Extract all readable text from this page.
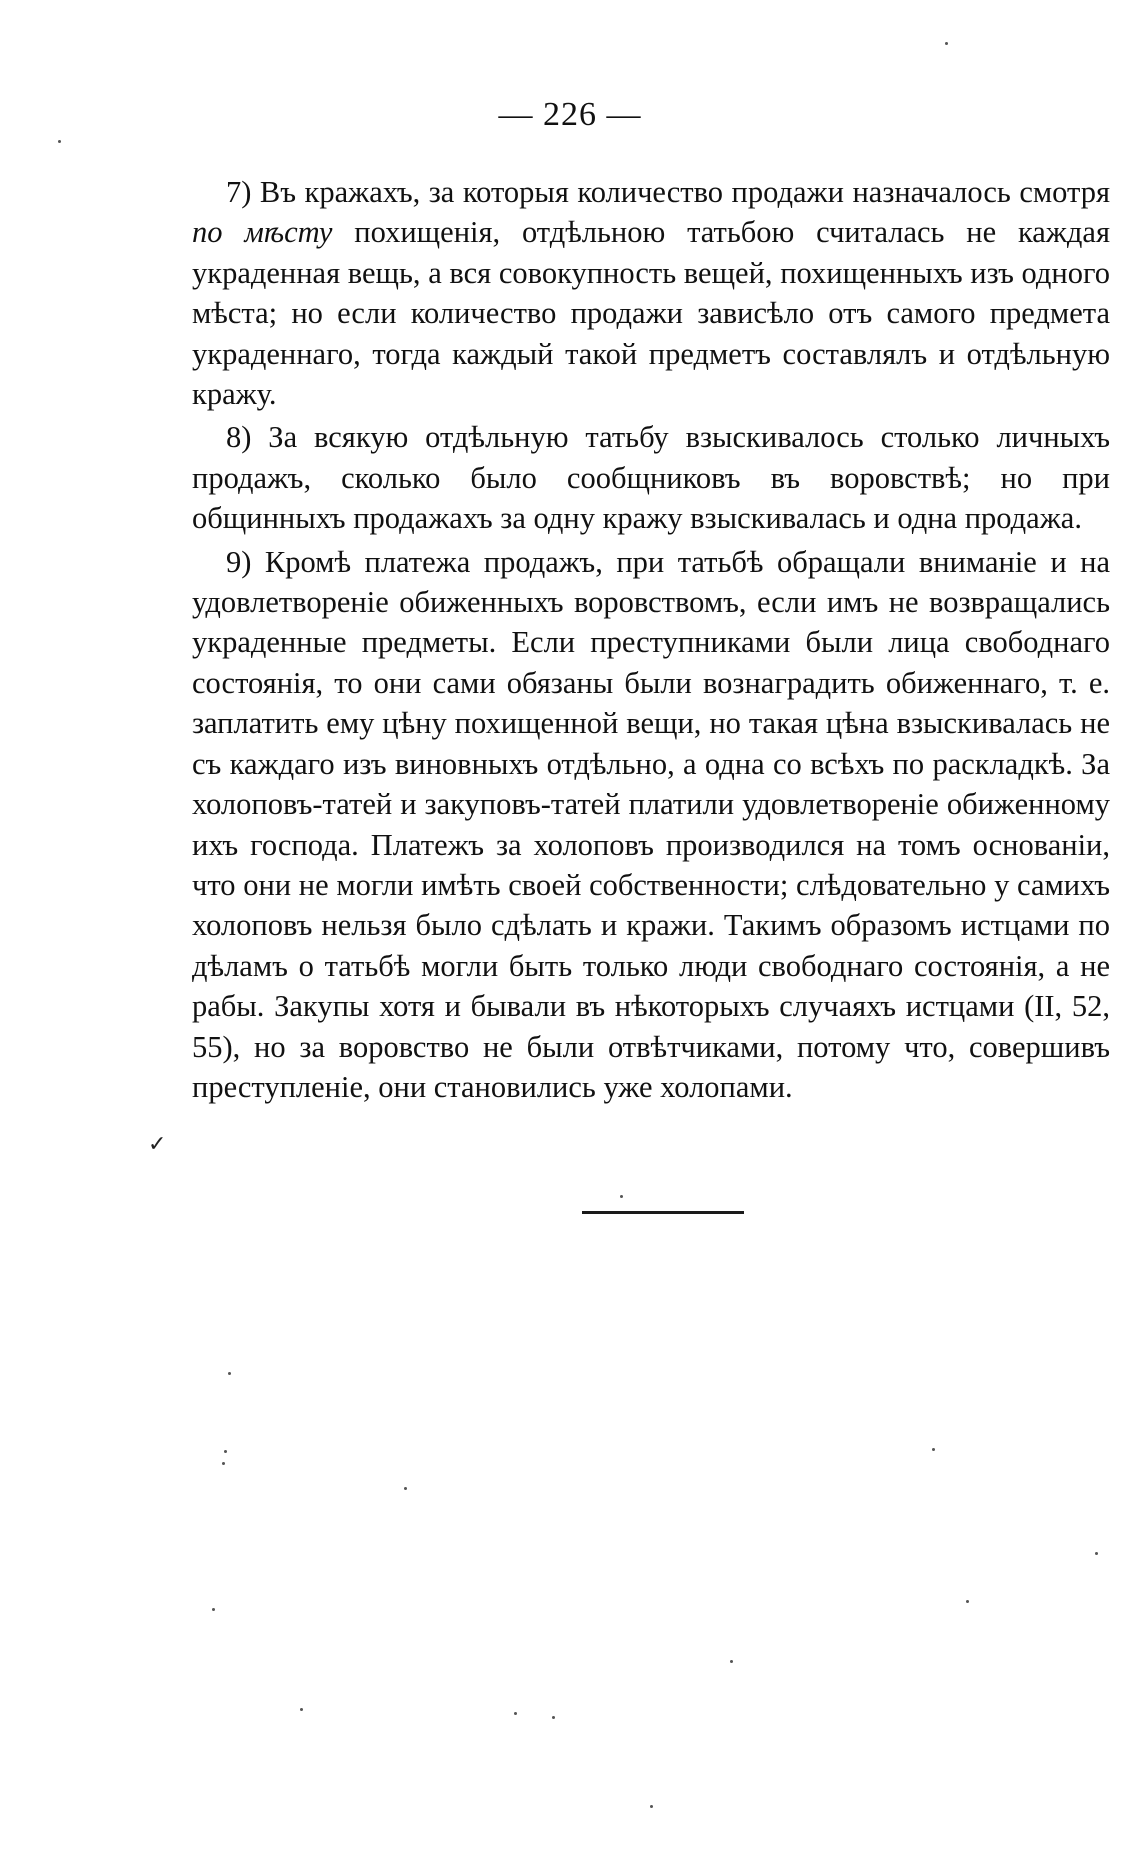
— 226 —

7) Въ кражахъ, за которыя количество продажи назначалось смотря по мѣсту похищенія, отдѣльною татьбою считалась не каждая украденная вещь, а вся совокупность вещей, похищенныхъ изъ одного мѣста; но если количество продажи зависѣло отъ самого предмета украденнаго, тогда каждый такой предметъ составлялъ и отдѣльную кражу.

8) За всякую отдѣльную татьбу взыскивалось столько личныхъ продажъ, сколько было сообщниковъ въ воровствѣ; но при общинныхъ продажахъ за одну кражу взыскивалась и одна продажа.

9) Кромѣ платежа продажъ, при татьбѣ обращали вниманіе и на удовлетвореніе обиженныхъ воровствомъ, если имъ не возвращались украденные предметы. Если преступниками были лица свободнаго состоянія, то они сами обязаны были вознаградить обиженнаго, т. е. заплатить ему цѣну похищенной вещи, но такая цѣна взыскивалась не съ каждаго изъ виновныхъ отдѣльно, а одна со всѣхъ по раскладкѣ. За холоповъ-татей и закуповъ-татей платили удовлетвореніе обиженному ихъ господа. Платежъ за холоповъ производился на томъ основаніи, что они не могли имѣть своей собственности; слѣдовательно у самихъ холоповъ нельзя было сдѣлать и кражи. Такимъ образомъ истцами по дѣламъ о татьбѣ могли быть только люди свободнаго состоянія, а не рабы. Закупы хотя и бывали въ нѣкоторыхъ случаяхъ истцами (II, 52, 55), но за воровство не были отвѣтчиками, потому что, совершивъ преступленіе, они становились уже холопами.

✓
